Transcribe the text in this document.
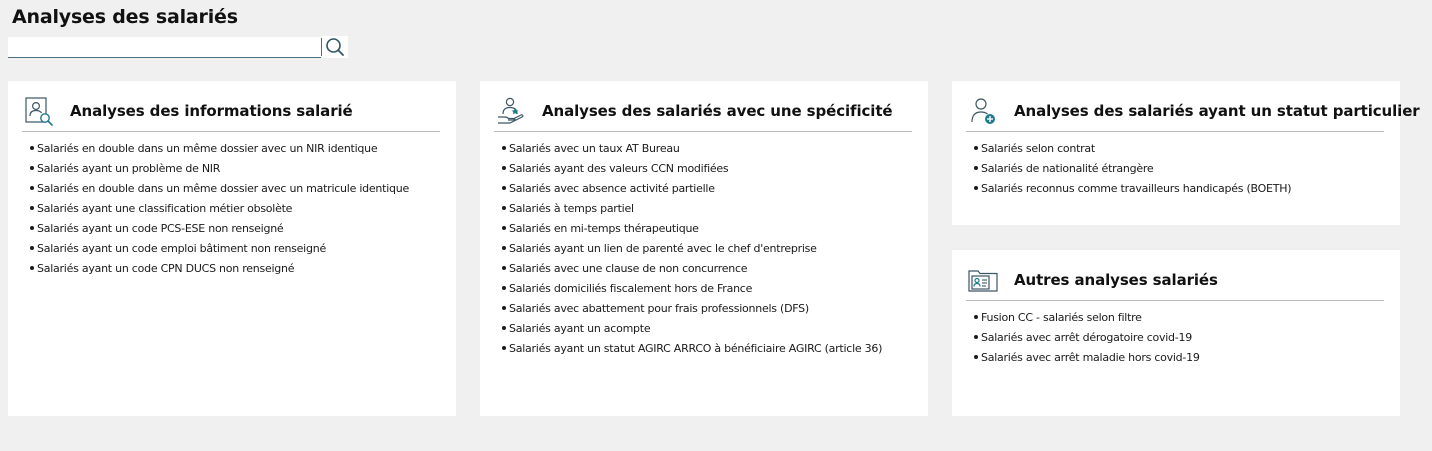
Analyses des salariés
Analyses des informations salarié
Salariés en double dans un même dossier avec un NIR identique
Salariés ayant un problème de NIR
Salariés en double dans un même dossier avec un matricule identique
Salariés ayant une classification métier obsolète
Salariés ayant un code PCS-ESE non renseigné
Salariés ayant un code emploi bâtiment non renseigné
Salariés ayant un code CPN DUCS non renseigné
Analyses des salariés avec une spécificité
Salariés avec un taux AT Bureau
Salariés ayant des valeurs CCN modifiées
Salariés avec absence activité partielle
Salariés à temps partiel
Salariés en mi-temps thérapeutique
Salariés ayant un lien de parenté avec le chef d'entreprise
Salariés avec une clause de non concurrence
Salariés domiciliés fiscalement hors de France
Salariés avec abattement pour frais professionnels (DFS)
Salariés ayant un acompte
Salariés ayant un statut AGIRC ARRCO à bénéficiaire AGIRC (article 36)
Analyses des salariés ayant un statut particulier
Salariés selon contrat
Salariés de nationalité étrangère
Salariés reconnus comme travailleurs handicapés (BOETH)
Autres analyses salariés
Fusion CC - salariés selon filtre
Salariés avec arrêt dérogatoire covid-19
Salariés avec arrêt maladie hors covid-19
